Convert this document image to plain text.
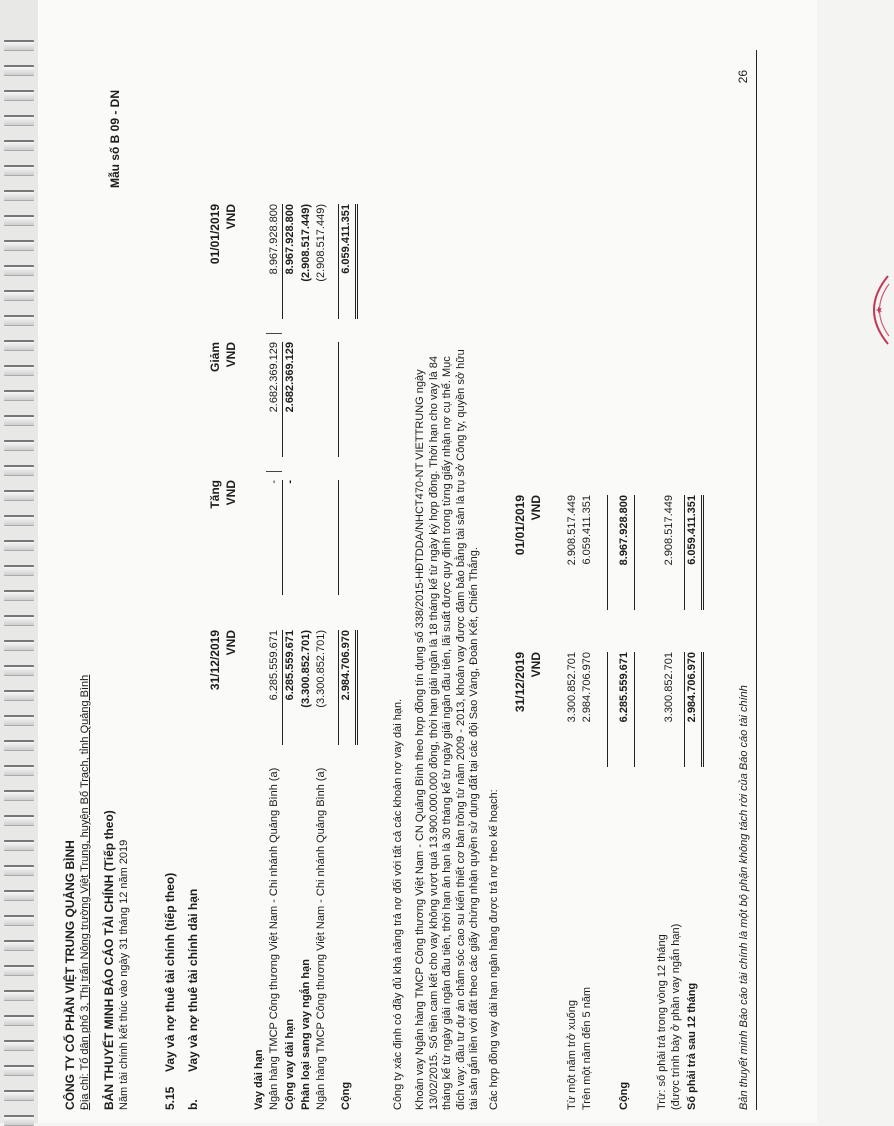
CÔNG TY CỔ PHẦN VIỆT TRUNG QUẢNG BÌNH Địa chỉ: Tổ dân phố 3, Thị trấn Nông trường Việt Trung, huyện Bố Trạch, tỉnh Quảng Bình BẢN THUYẾT MINH BÁO CÁO TÀI CHÍNH (Tiếp theo) Năm tài chính kết thúc vào ngày 31 tháng 12 năm 2019
Mẫu số B 09 - DN
5.15
Vay và nợ thuê tài chính (tiếp theo)
b.
Vay và nợ thuê tài chính dài hạn
31/12/2019 VND
Tăng VND
Giảm VND
01/01/2019 VND
Vay dài hạn Ngân hàng TMCP Công thương Việt Nam - Chi nhánh Quảng Bình (a)
6.285.559.671
-
2.682.369.129
8.967.928.800
Cộng vay dài hạn
6.285.559.671
-
2.682.369.129
8.967.928.800
Phân loại sang vay ngắn hạn
(3.300.852.701)
(2.908.517.449)
Ngân hàng TMCP Công thương Việt Nam - Chi nhánh Quảng Bình (a)
(3.300.852.701)
(2.908.517.449)
Cộng
2.984.706.970
6.059.411.351
Công ty xác định có đầy đủ khả năng trả nợ đối với tất cả các khoản nợ vay dài hạn. Khoản vay Ngân hàng TMCP Công thương Việt Nam - CN Quảng Bình theo hợp đồng tín dụng số 338/2015-HĐTDDA/NHCT470-NT VIETTRUNG ngày 13/02/2015. Số tiền cam kết cho vay không vượt quá 13.900.000.000 đồng, thời hạn giải ngân là 18 tháng kể từ ngày ký hợp đồng. Thời hạn cho vay là 84 tháng kể từ ngày giải ngân đầu tiên, thời hạn ân hạn là 30 tháng kể từ ngày giải ngân đầu tiên, lãi suất được quy định trong từng giấy nhận nợ cụ thể. Mục đích vay: đầu tư dự án chăm sóc cao su kiến thiết cơ bản trồng từ năm 2009 - 2013, khoản vay được đảm bảo bằng tài sản là trụ sở Công ty, quyền sở hữu tài sản gắn liền với đất theo các giấy chứng nhận quyền sử dụng đất tại các đội Sao Vàng, Đoàn Kết, Chiến Thắng. Các hợp đồng vay dài hạn ngân hàng được trả nợ theo kế hoạch:
31/12/2019 VND
01/01/2019 VND
Từ một năm trở xuống
3.300.852.701
2.908.517.449
Trên một năm đến 5 năm
2.984.706.970
6.059.411.351
Cộng
6.285.559.671
8.967.928.800
Trừ: số phải trả trong vòng 12 tháng (được trình bày ở phần vay ngắn hạn)
3.300.852.701
2.908.517.449
Số phải trả sau 12 tháng
2.984.706.970
6.059.411.351
Bản thuyết minh Báo cáo tài chính là một bộ phận không tách rời của Báo cáo tài chính
26
★
